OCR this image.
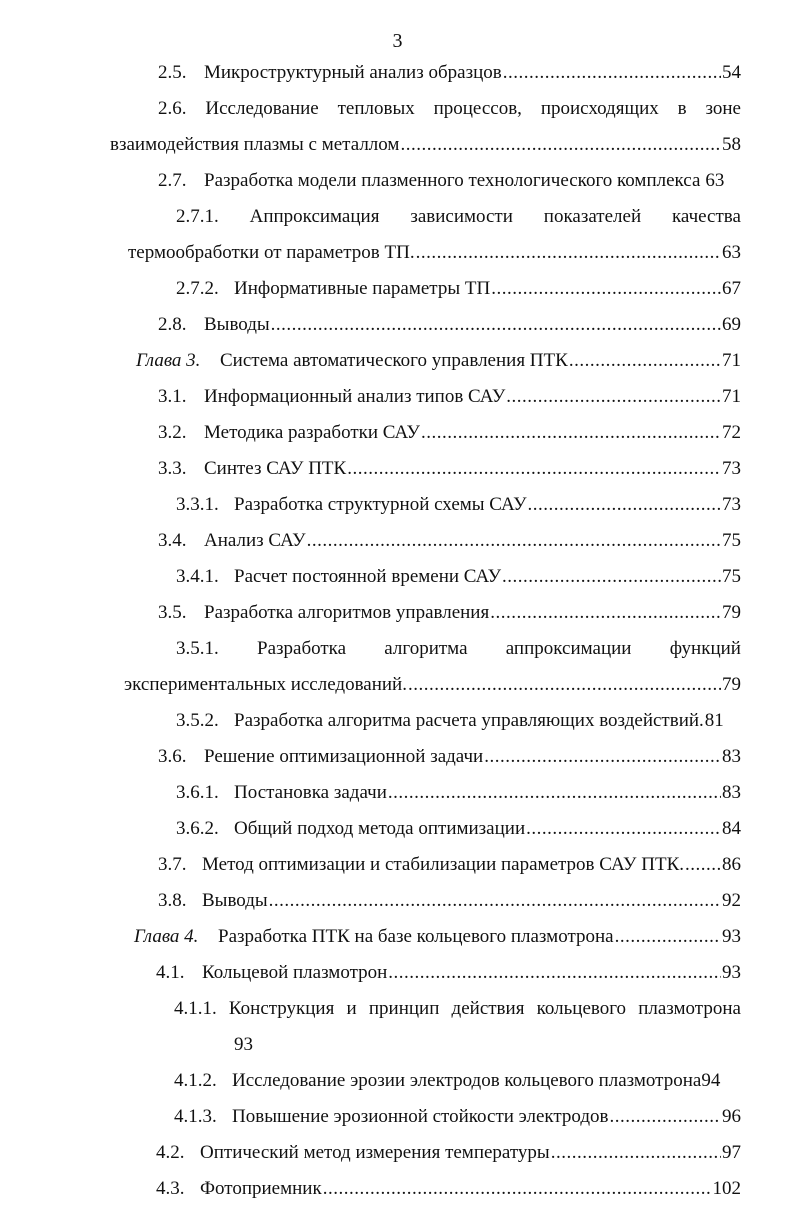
3
2.5. Микроструктурный анализ образцов .....	54
2.6. Исследование тепловых процессов, происходящих в зоне
взаимодействия плазмы с металлом .....	58
2.7. Разработка модели плазменного технологического комплекса 63
2.7.1. Аппроксимация зависимости показателей качества
термообработки от параметров ТП. .....	63
2.7.2. Информативные параметры ТП .....	67
2.8. Выводы .....	69
Глава 3.	Система автоматического управления ПТК .....	71
3.1. Информационный анализ типов САУ .....	71
3.2. Методика разработки САУ .....	72
3.3. Синтез САУ ПТК .....	73
3.3.1. Разработка структурной схемы САУ .....	73
3.4. Анализ САУ .....	75
3.4.1. Расчет постоянной времени САУ .....	75
3.5. Разработка алгоритмов управления .....	79
3.5.1. Разработка алгоритма аппроксимации функций
экспериментальных исследований. .....	79
3.5.2. Разработка алгоритма расчета управляющих воздействий. 81
3.6. Решение оптимизационной задачи .....	83
3.6.1. Постановка задачи .....	83
3.6.2. Общий подход метода оптимизации .....	84
3.7. Метод оптимизации и стабилизации параметров САУ ПТК. ..... 86
3.8. Выводы .....	92
Глава 4.	Разработка ПТК на базе кольцевого плазмотрона .....	93
4.1. Кольцевой плазмотрон .....	93
4.1.1. Конструкция и принцип действия кольцевого плазмотрона
93
4.1.2. Исследование эрозии электродов кольцевого плазмотрона 94
4.1.3. Повышение эрозионной стойкости электродов .....	96
4.2. Оптический метод измерения температуры .....	97
4.3. Фотоприемник .....	102
